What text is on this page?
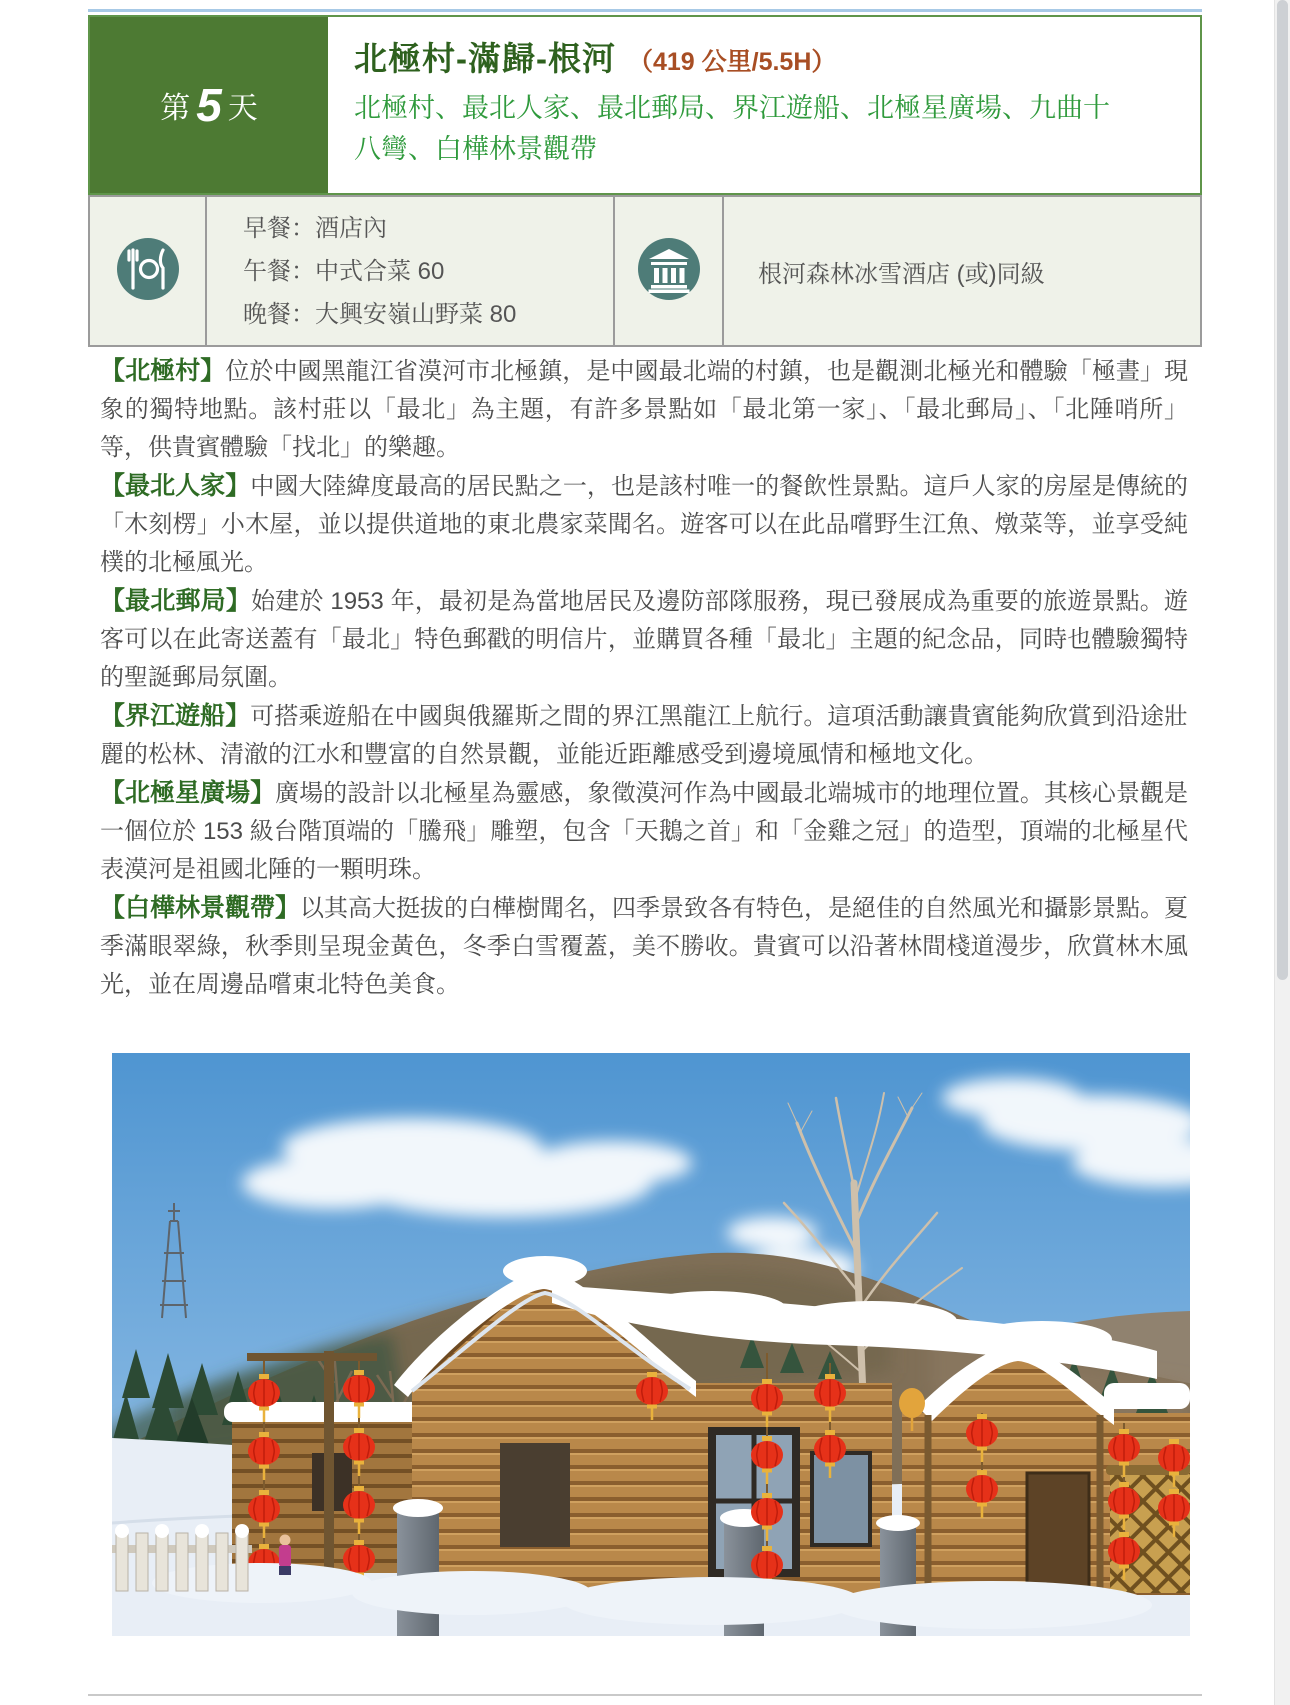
第 5 天
北極村-滿歸-根河 （419 公里/5.5H）
北極村、最北人家、最北郵局、界江遊船、北極星廣場、九曲十八彎、白樺林景觀帶
早餐：酒店內
午餐：中式合菜 60
晚餐：大興安嶺山野菜 80
根河森林冰雪酒店 (或)同級

【北極村】位於中國黑龍江省漠河市北極鎮，是中國最北端的村鎮，也是觀測北極光和體驗「極晝」現象的獨特地點。該村莊以「最北」為主題，有許多景點如「最北第一家」、「最北郵局」、「北陲哨所」等，供貴賓體驗「找北」的樂趣。

【最北人家】中國大陸緯度最高的居民點之一，也是該村唯一的餐飲性景點。這戶人家的房屋是傳統的「木刻楞」小木屋，並以提供道地的東北農家菜聞名。遊客可以在此品嚐野生江魚、燉菜等，並享受純樸的北極風光。

【最北郵局】始建於 1953 年，最初是為當地居民及邊防部隊服務，現已發展成為重要的旅遊景點。遊客可以在此寄送蓋有「最北」特色郵戳的明信片，並購買各種「最北」主題的紀念品，同時也體驗獨特的聖誕郵局氛圍。

【界江遊船】可搭乘遊船在中國與俄羅斯之間的界江黑龍江上航行。這項活動讓貴賓能夠欣賞到沿途壯麗的松林、清澈的江水和豐富的自然景觀，並能近距離感受到邊境風情和極地文化。

【北極星廣場】廣場的設計以北極星為靈感，象徵漠河作為中國最北端城市的地理位置。其核心景觀是一個位於 153 級台階頂端的「騰飛」雕塑，包含「天鵝之首」和「金雞之冠」的造型，頂端的北極星代表漠河是祖國北陲的一顆明珠。

【白樺林景觀帶】以其高大挺拔的白樺樹聞名，四季景致各有特色，是絕佳的自然風光和攝影景點。夏季滿眼翠綠，秋季則呈現金黃色，冬季白雪覆蓋，美不勝收。貴賓可以沿著林間棧道漫步，欣賞林木風光，並在周邊品嚐東北特色美食。
